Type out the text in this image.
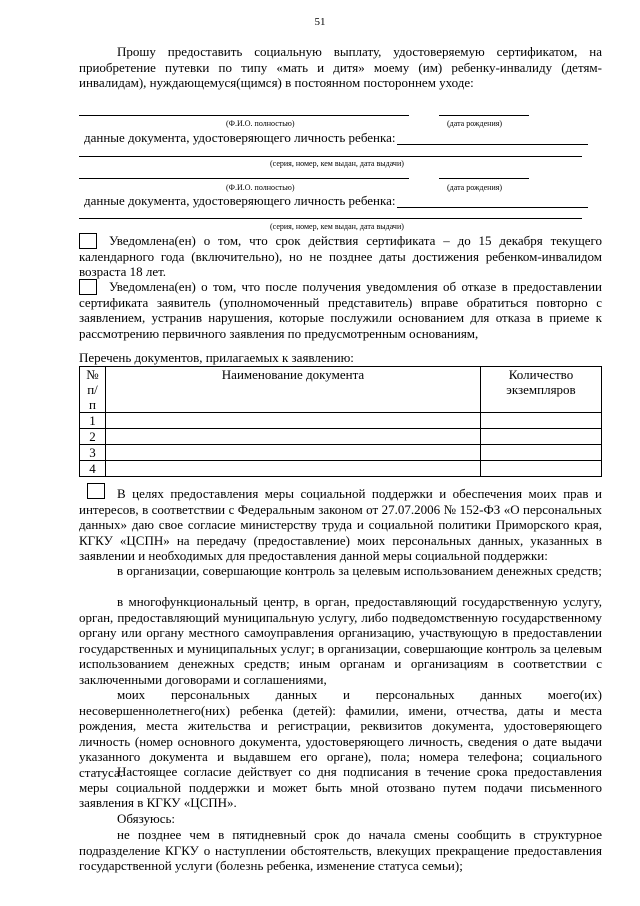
51
Прошу предоставить социальную выплату, удостоверяемую сертификатом, на приобретение путевки по типу «мать и дитя» моему (им) ребенку-инвалиду (детям-инвалидам), нуждающемуся(щимся) в постоянном постороннем уходе:
(Ф.И.О. полностью)	(дата рождения)
данные документа, удостоверяющего личность ребенка:
(серия, номер, кем выдан, дата выдачи)
(Ф.И.О. полностью)	(дата рождения)
данные документа, удостоверяющего личность ребенка:
(серия, номер, кем выдан, дата выдачи)
Уведомлена(ен) о том, что срок действия сертификата – до 15 декабря текущего календарного года (включительно), но не позднее даты достижения ребенком-инвалидом возраста 18 лет.
Уведомлена(ен) о том, что после получения уведомления об отказе в предоставлении сертификата заявитель (уполномоченный представитель) вправе обратиться повторно с заявлением, устранив нарушения, которые послужили основанием для отказа в приеме к рассмотрению первичного заявления по предусмотренным основаниям,
Перечень документов, прилагаемых к заявлению:
№ п/ п	Наименование документа	Количество экземпляров
1		
2		
3		
4		
В целях предоставления меры социальной поддержки и обеспечения моих прав и интересов, в соответствии с Федеральным законом от 27.07.2006 № 152-ФЗ «О персональных данных» даю свое согласие министерству труда и социальной политики Приморского края, КГКУ «ЦСПН» на передачу (предоставление) моих персональных данных, указанных в заявлении и необходимых для предоставления данной меры социальной поддержки:
в организации, совершающие контроль за целевым использованием денежных средств;
в многофункциональный центр, в орган, предоставляющий государственную услугу, орган, предоставляющий муниципальную услугу, либо подведомственную государственному органу или органу местного самоуправления организацию, участвующую в предоставлении государственных и муниципальных услуг; в организации, совершающие контроль за целевым использованием денежных средств; иным органам и организациям в соответствии с заключенными договорами и соглашениями,
моих персональных данных и персональных данных моего(их) несовершеннолетнего(них) ребенка (детей): фамилии, имени, отчества, даты и места рождения, места жительства и регистрации, реквизитов документа, удостоверяющего личность (номер основного документа, удостоверяющего личность, сведения о дате выдачи указанного документа и выдавшем его органе), пола; номера телефона; социального статуса.
Настоящее согласие действует со дня подписания в течение срока предоставления меры социальной поддержки и может быть мной отозвано путем подачи письменного заявления в КГКУ «ЦСПН».
Обязуюсь:
не позднее чем в пятидневный срок до начала смены сообщить в структурное подразделение КГКУ о наступлении обстоятельств, влекущих прекращение предоставления государственной услуги (болезнь ребенка, изменение статуса семьи);
